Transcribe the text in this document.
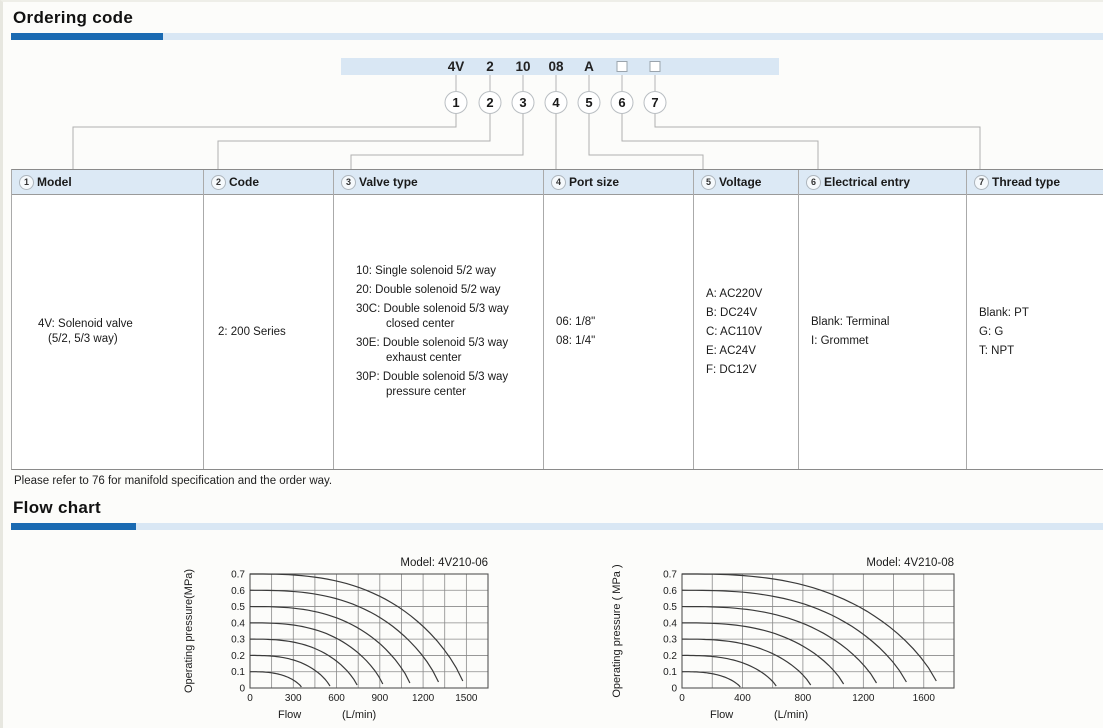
Ordering code
4V 2 10 08 A
1	2	3	4	5	6	7
1 Model
4V: Solenoid valve
(5/2, 5/3 way)
2 Code
2: 200 Series
3 Valve type
10: Single solenoid 5/2 way
20: Double solenoid 5/2 way
30C: Double solenoid 5/3 way
closed center
30E: Double solenoid 5/3 way
exhaust center
30P: Double solenoid 5/3 way
pressure center
4 Port size
06: 1/8"
08: 1/4"
5 Voltage
A: AC220V
B: DC24V
C: AC110V
E: AC24V
F: DC12V
6 Electrical entry
Blank: Terminal
I: Grommet
7 Thread type
Blank: PT
G: G
T: NPT
Please refer to 76 for manifold specification and the order way.
Flow chart
Model: 4V210-06
0
0.1
0.2
0.3
0.4
0.5
0.6
0.7
0	300	600	900 1200 1500
Flow	(L/min)
Operating pressure(MPa)
Model: 4V210-08
0
0.1
0.2
0.3
0.4
0.5
0.6
0.7
0	400	800	1200	1600
Flow	(L/min)
Operating pressure ( MPa )
